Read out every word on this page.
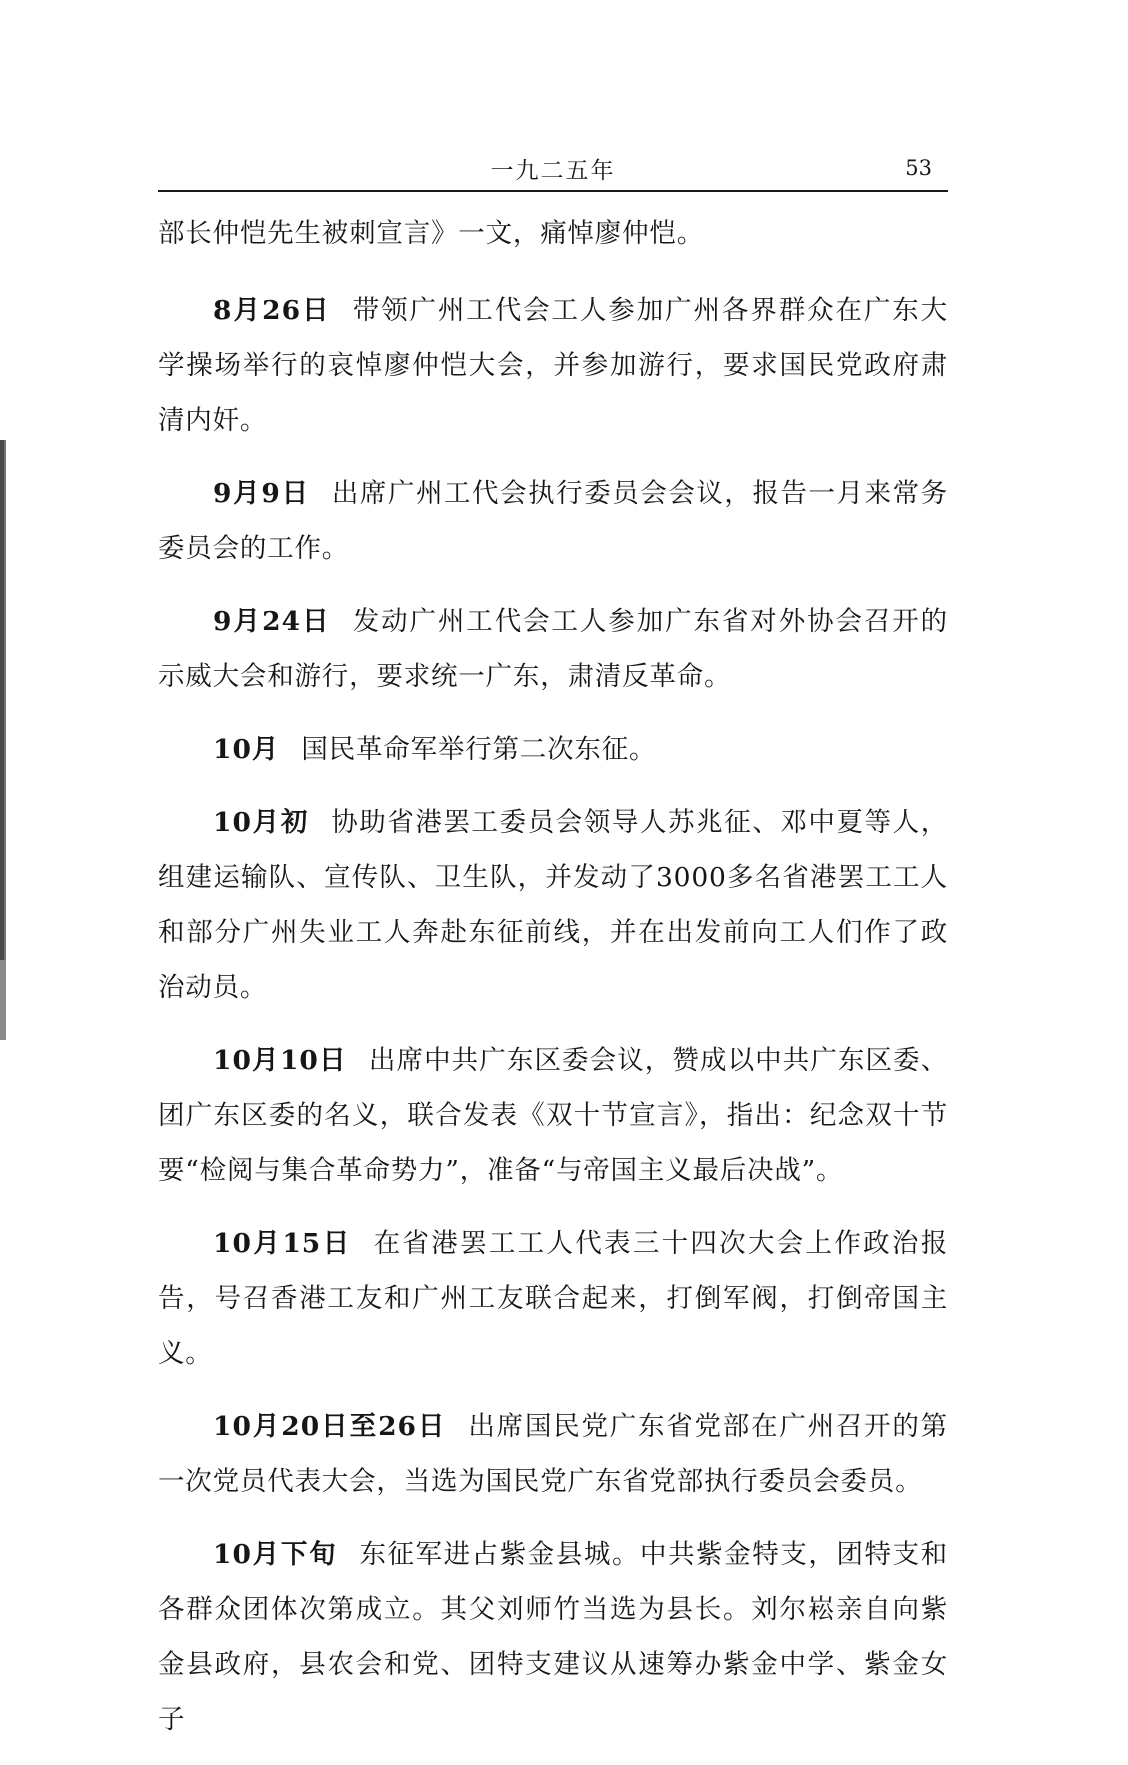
一九二五年	53

部长仲恺先生被刺宣言》一文，痛悼廖仲恺。

8月26日 带领广州工代会工人参加广州各界群众在广东大学操场举行的哀悼廖仲恺大会，并参加游行，要求国民党政府肃清内奸。

9月9日 出席广州工代会执行委员会会议，报告一月来常务委员会的工作。

9月24日 发动广州工代会工人参加广东省对外协会召开的示威大会和游行，要求统一广东，肃清反革命。

10月 国民革命军举行第二次东征。

10月初 协助省港罢工委员会领导人苏兆征、邓中夏等人，组建运输队、宣传队、卫生队，并发动了3000多名省港罢工工人和部分广州失业工人奔赴东征前线，并在出发前向工人们作了政治动员。

10月10日 出席中共广东区委会议，赞成以中共广东区委、团广东区委的名义，联合发表《双十节宣言》，指出：纪念双十节要“检阅与集合革命势力”，准备“与帝国主义最后决战”。

10月15日 在省港罢工工人代表三十四次大会上作政治报告，号召香港工友和广州工友联合起来，打倒军阀，打倒帝国主义。

10月20日至26日 出席国民党广东省党部在广州召开的第一次党员代表大会，当选为国民党广东省党部执行委员会委员。

10月下旬 东征军进占紫金县城。中共紫金特支，团特支和各群众团体次第成立。其父刘师竹当选为县长。刘尔崧亲自向紫金县政府，县农会和党、团特支建议从速筹办紫金中学、紫金女子
